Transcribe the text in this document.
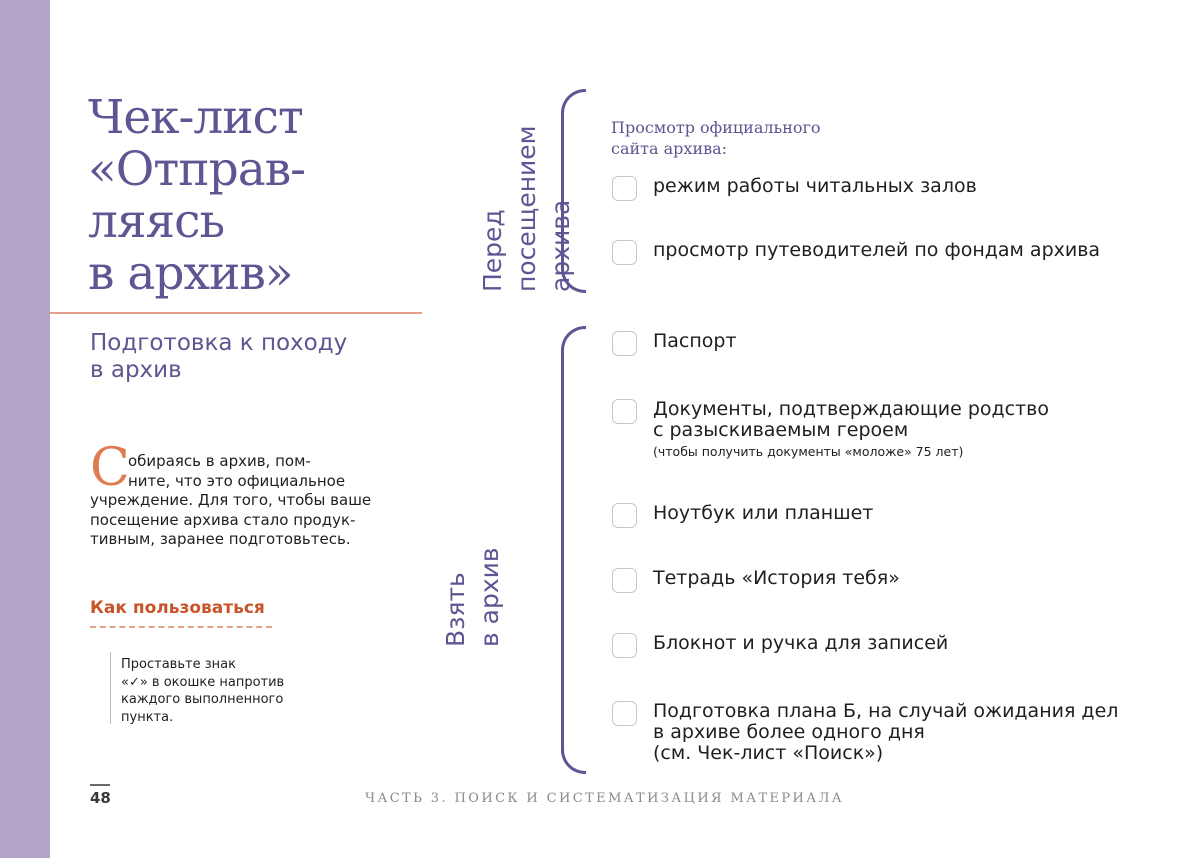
Чек-лист
«Отправ-
ляясь
в архив»
Подготовка к походу
в архив
С
обираясь в архив, пом-
ните, что это официальное
учреждение. Для того, чтобы ваше
посещение архива стало продук-
тивным, заранее подготовьтесь.
Как пользоваться
Проставьте знак
«✓» в окошке напротив
каждого выполненного
пункта.
Перед посещением архива
Просмотр официального
сайта архива:
режим работы читальных залов
просмотр путеводителей по фондам архива
Взять в архив
Паспорт
Документы, подтверждающие родство
с разыскиваемым героем
(чтобы получить документы «моложе» 75 лет)
Ноутбук или планшет
Тетрадь «История тебя»
Блокнот и ручка для записей
Подготовка плана Б, на случай ожидания дел
в архиве более одного дня
(см. Чек-лист «Поиск»)
48	ЧАСТЬ 3. ПОИСК И СИСТЕМАТИЗАЦИЯ МАТЕРИАЛА
